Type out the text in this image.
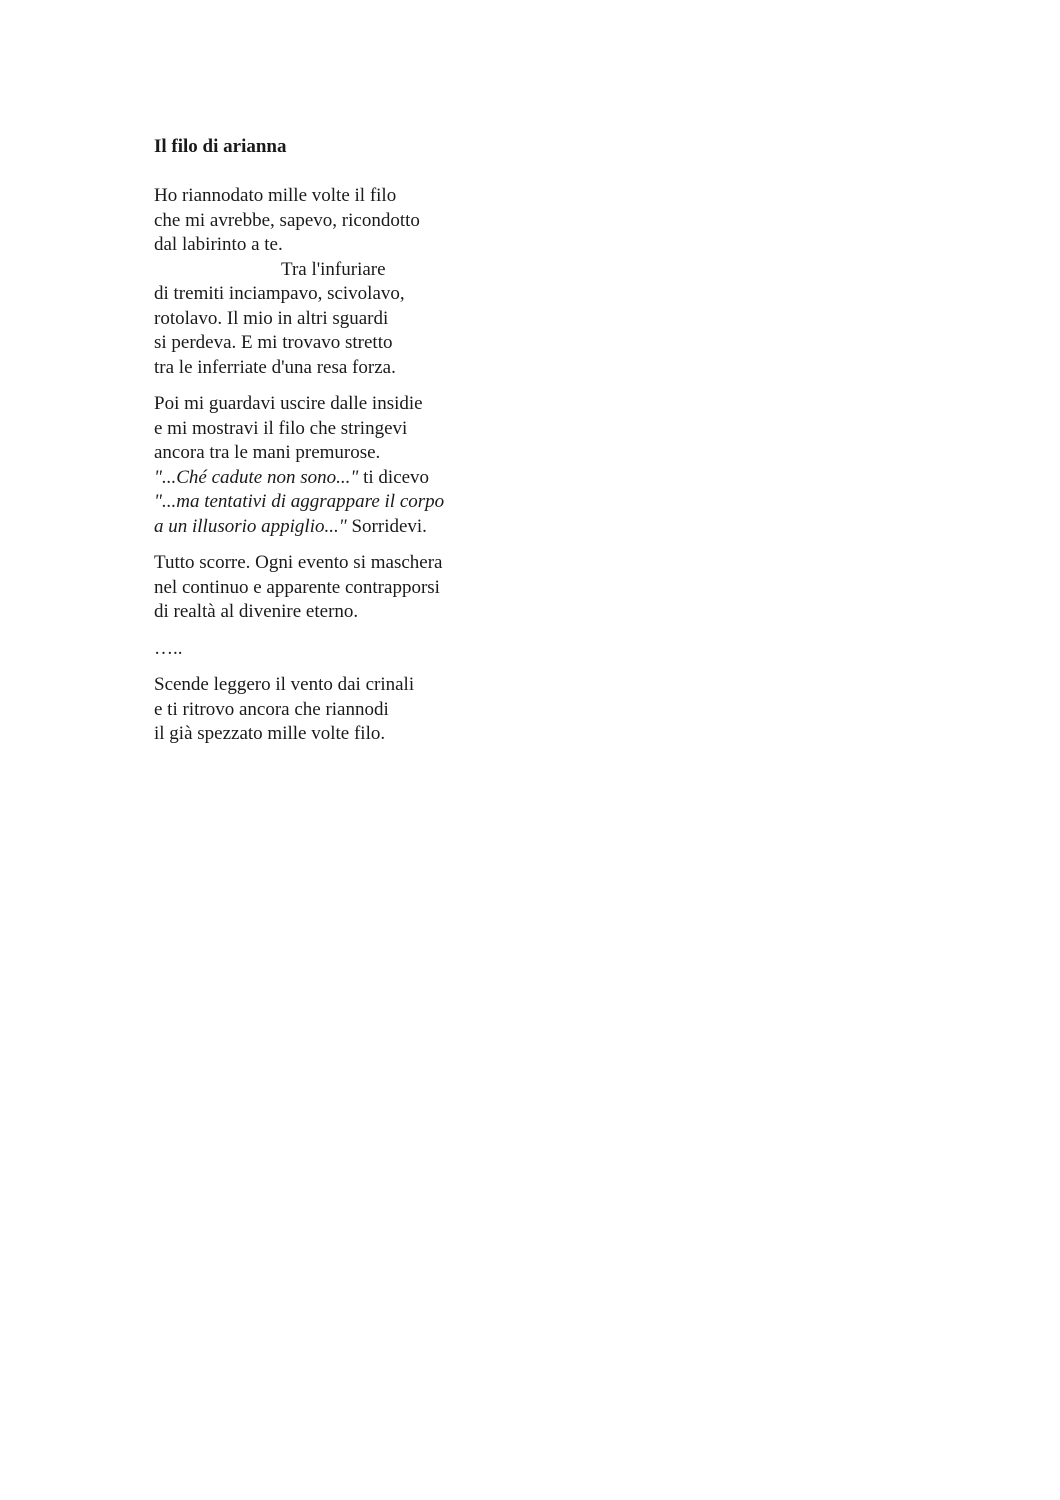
Il filo di arianna
Ho riannodato mille volte il filo
che mi avrebbe, sapevo, ricondotto
dal labirinto a te.
Tra l'infuriare
di tremiti inciampavo, scivolavo,
rotolavo. Il mio in altri sguardi
si perdeva. E mi trovavo stretto
tra le inferriate d'una resa forza.
Poi mi guardavi uscire dalle insidie
e mi mostravi il filo che stringevi
ancora tra le mani premurose.
"...Ché cadute non sono..." ti dicevo
"...ma tentativi di aggrappare il corpo
a un illusorio appiglio..." Sorridevi.
Tutto scorre. Ogni evento si maschera
nel continuo e apparente contrapporsi
di realtà al divenire eterno.
…..
Scende leggero il vento dai crinali
e ti ritrovo ancora che riannodi
il già spezzato mille volte filo.
